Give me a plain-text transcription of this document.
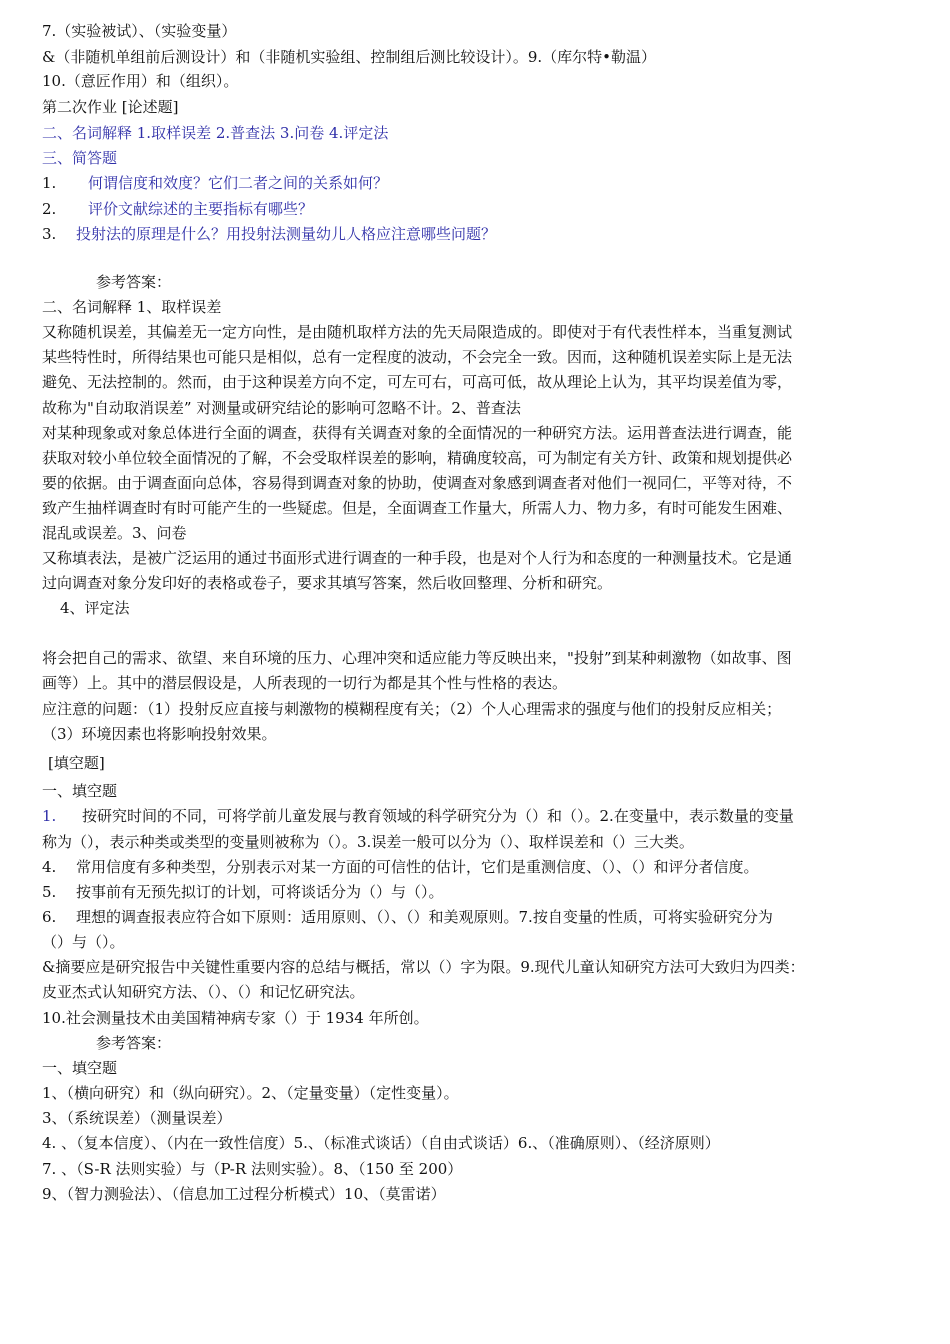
7.（实验被试）、（实验变量）
&（非随机单组前后测设计）和（非随机实验组、控制组后测比较设计）。9.（库尔特•勒温）
10.（意匠作用）和（组织）。
第二次作业 [论述题]
二、名词解释 1.取样误差 2.普查法 3.问卷 4.评定法
三、简答题
1. 何谓信度和效度？它们二者之间的关系如何？
2. 评价文献综述的主要指标有哪些？
3. 投射法的原理是什么？用投射法测量幼儿人格应注意哪些问题？
参考答案：
二、名词解释 1、取样误差
又称随机误差，其偏差无一定方向性，是由随机取样方法的先天局限造成的。即使对于有代表性样本，当重复测试
某些特性时，所得结果也可能只是相似，总有一定程度的波动，不会完全一致。因而，这种随机误差实际上是无法
避免、无法控制的。然而，由于这种误差方向不定，可左可右，可高可低，故从理论上认为，其平均误差值为零，
故称为"自动取消误差” 对测量或研究结论的影响可忽略不计。2、普查法
对某种现象或对象总体进行全面的调查，获得有关调查对象的全面情况的一种研究方法。运用普查法进行调查，能
获取对较小单位较全面情况的了解，不会受取样误差的影响，精确度较高，可为制定有关方针、政策和规划提供必
要的依据。由于调查面向总体，容易得到调查对象的协助，使调查对象感到调查者对他们一视同仁，平等对待，不
致产生抽样调查时有时可能产生的一些疑虑。但是，全面调查工作量大，所需人力、物力多，有时可能发生困难、
混乱或误差。3、问卷
又称填表法，是被广泛运用的通过书面形式进行调查的一种手段，也是对个人行为和态度的一种测量技术。它是通
过向调查对象分发印好的表格或卷子，要求其填写答案，然后收回整理、分析和研究。
4、评定法
将会把自己的需求、欲望、来自环境的压力、心理冲突和适应能力等反映出来，"投射”到某种刺激物（如故事、图
画等）上。其中的潜层假设是，人所表现的一切行为都是其个性与性格的表达。
应注意的问题：（1）投射反应直接与刺激物的模糊程度有关；（2）个人心理需求的强度与他们的投射反应相关；
（3）环境因素也将影响投射效果。
[填空题]
一、填空题
1. 按研究时间的不同，可将学前儿童发展与教育领域的科学研究分为（）和（）。2.在变量中，表示数量的变量
称为（），表示种类或类型的变量则被称为（）。3.误差一般可以分为（）、取样误差和（）三大类。
4. 常用信度有多种类型，分别表示对某一方面的可信性的估计，它们是重测信度、（）、（）和评分者信度。
5. 按事前有无预先拟订的计划，可将谈话分为（）与（）。
6. 理想的调查报表应符合如下原则：适用原则、（）、（）和美观原则。7.按自变量的性质，可将实验研究分为
（）与（）。
&摘要应是研究报告中关键性重要内容的总结与概括，常以（）字为限。9.现代儿童认知研究方法可大致归为四类：
皮亚杰式认知研究方法、（）、（）和记忆研究法。
10.社会测量技术由美国精神病专家（）于 1934 年所创。
参考答案：
一、填空题
1、（横向研究）和（纵向研究）。2、（定量变量）（定性变量）。
3、（系统误差）（测量误差）
4. 、（复本信度）、（内在一致性信度）5.、（标准式谈话）（自由式谈话）6.、（准确原则）、（经济原则）
7. 、（S-R 法则实验）与（P-R 法则实验）。8、（150 至 200）
9、（智力测验法）、（信息加工过程分析模式）10、（莫雷诺）
